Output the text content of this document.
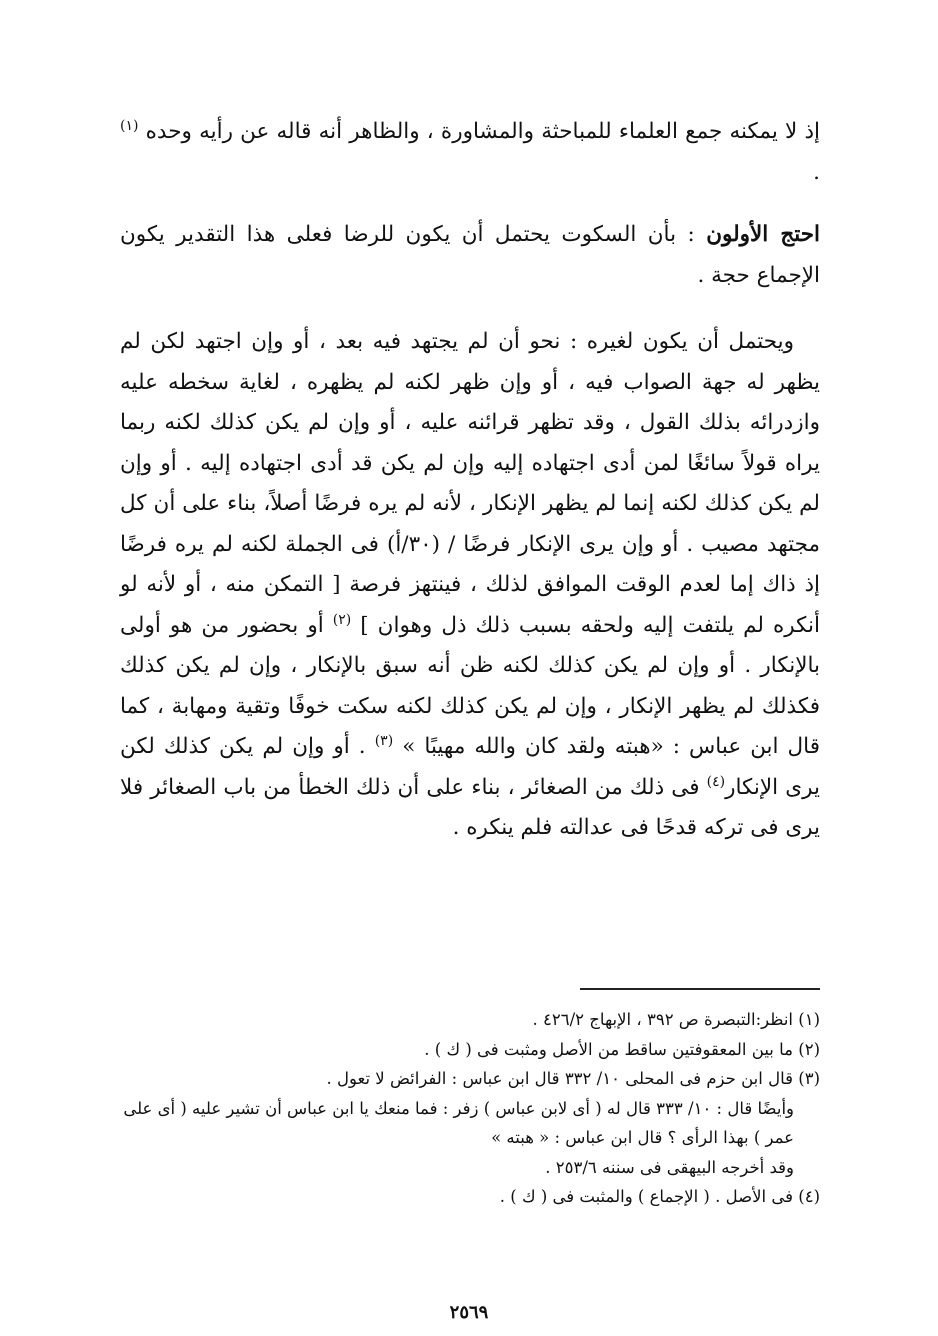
إذ لا يمكنه جمع العلماء للمباحثة والمشاورة ، والظاهر أنه قاله عن رأيه وحده $^{(١)}$ .

احتج الأولون : بأن السكوت يحتمل أن يكون للرضا فعلى هذا التقدير يكون الإجماع حجة .

ويحتمل أن يكون لغيره : نحو أن لم يجتهد فيه بعد ، أو وإن اجتهد لكن لم يظهر له جهة الصواب فيه ، أو وإن ظهر لكنه لم يظهره ، لغاية سخطه عليه وازدرائه بذلك القول ، وقد تظهر قرائنه عليه ، أو وإن لم يكن كذلك لكنه ربما يراه قولاً سائغًا لمن أدى اجتهاده إليه وإن لم يكن قد أدى اجتهاده إليه . أو وإن لم يكن كذلك لكنه إنما لم يظهر الإنكار ، لأنه لم يره فرضًا أصلاً، بناء على أن كل مجتهد مصيب . أو وإن يرى الإنكار فرضًا / (٣٠/أ) فى الجملة لكنه لم يره فرضًا إذ ذاك إما لعدم الوقت الموافق لذلك ، فينتهز فرصة [ التمكن منه ، أو لأنه لو أنكره لم يلتفت إليه ولحقه بسبب ذلك ذل وهوان ] $^{(٢)}$ أو بحضور من هو أولى بالإنكار . أو وإن لم يكن كذلك لكنه ظن أنه سبق بالإنكار ، وإن لم يكن كذلك فكذلك لم يظهر الإنكار ، وإن لم يكن كذلك لكنه سكت خوفًا وتقية ومهابة ، كما قال ابن عباس : «هبته ولقد كان والله مهيبًا » $^{(٣)}$ . أو وإن لم يكن كذلك لكن يرى الإنكار$^{(٤)}$ فى ذلك من الصغائر ، بناء على أن ذلك الخطأ من باب الصغائر فلا يرى فى تركه قدحًا فى عدالته فلم ينكره .

(١) انظر:التبصرة ص ٣٩٢ ، الإبهاج ٤٢٦/٢ .

(٢) ما بين المعقوفتين ساقط من الأصل ومثبت فى ( ك ) .

(٣) قال ابن حزم فى المحلى ١٠/ ٣٣٢ قال ابن عباس : الفرائض لا تعول .

وأيضًا قال : ١٠/ ٣٣٣ قال له ( أى لابن عباس ) زفر : فما منعك يا ابن عباس أن تشير عليه ( أى على عمر ) بهذا الرأى ؟ قال ابن عباس : « هبته »

وقد أخرجه البيهقى فى سننه ٢٥٣/٦ .

(٤) فى الأصل . ( الإجماع ) والمثبت فى ( ك ) .

٢٥٦٩
